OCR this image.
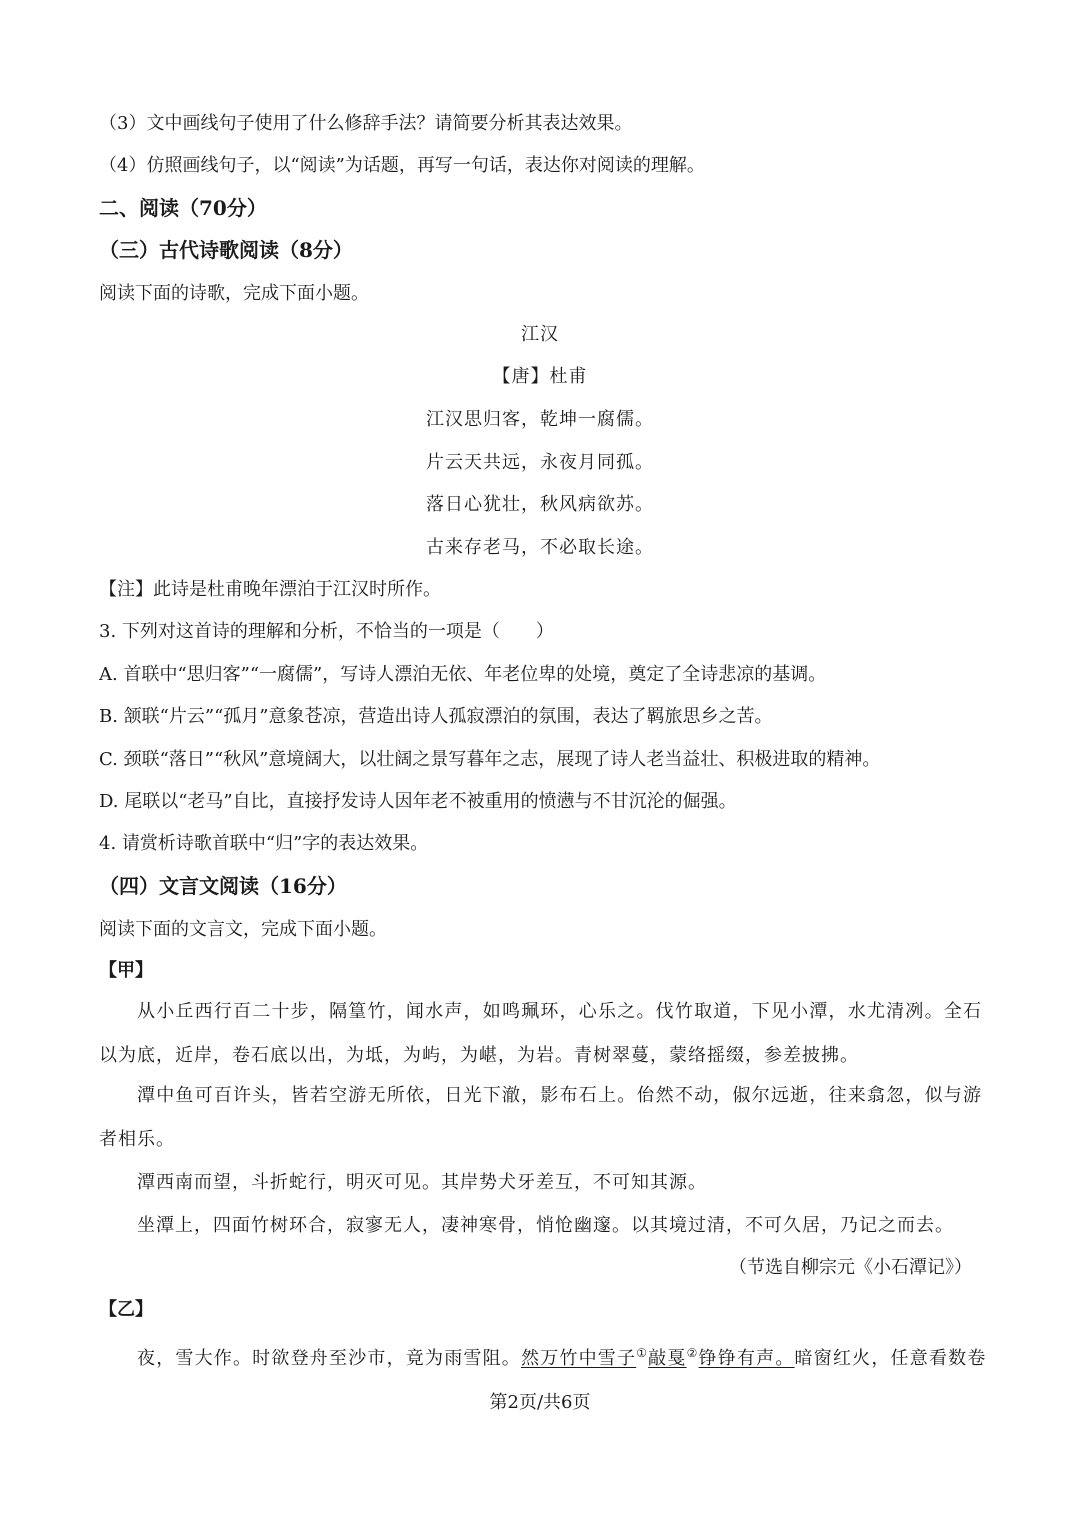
（3）文中画线句子使用了什么修辞手法？请简要分析其表达效果。
（4）仿照画线句子，以“阅读”为话题，再写一句话，表达你对阅读的理解。
二、阅读（70分）
（三）古代诗歌阅读（8分）
阅读下面的诗歌，完成下面小题。
江汉
【唐】杜甫
江汉思归客，乾坤一腐儒。
片云天共远，永夜月同孤。
落日心犹壮，秋风病欲苏。
古来存老马，不必取长途。
【注】此诗是杜甫晚年漂泊于江汉时所作。
3. 下列对这首诗的理解和分析，不恰当的一项是（　　）
A. 首联中“思归客”“一腐儒”，写诗人漂泊无依、年老位卑的处境，奠定了全诗悲凉的基调。
B. 颔联“片云”“孤月”意象苍凉，营造出诗人孤寂漂泊的氛围，表达了羁旅思乡之苦。
C. 颈联“落日”“秋风”意境阔大，以壮阔之景写暮年之志，展现了诗人老当益壮、积极进取的精神。
D. 尾联以“老马”自比，直接抒发诗人因年老不被重用的愤懑与不甘沉沦的倔强。
4. 请赏析诗歌首联中“归”字的表达效果。
（四）文言文阅读（16分）
阅读下面的文言文，完成下面小题。
【甲】
从小丘西行百二十步，隔篁竹，闻水声，如鸣珮环，心乐之。伐竹取道，下见小潭，水尤清冽。全石
以为底，近岸，卷石底以出，为坻，为屿，为嵁，为岩。青树翠蔓，蒙络摇缀，参差披拂。
潭中鱼可百许头，皆若空游无所依，日光下澈，影布石上。佁然不动，俶尔远逝，往来翕忽，似与游
者相乐。
潭西南而望，斗折蛇行，明灭可见。其岸势犬牙差互，不可知其源。
坐潭上，四面竹树环合，寂寥无人，凄神寒骨，悄怆幽邃。以其境过清，不可久居，乃记之而去。
（节选自柳宗元《小石潭记》）
【乙】
夜，雪大作。时欲登舟至沙市，竟为雨雪阻。然万竹中雪子①敲戛②铮铮有声。暗窗红火，任意看数卷
第2页/共6页
